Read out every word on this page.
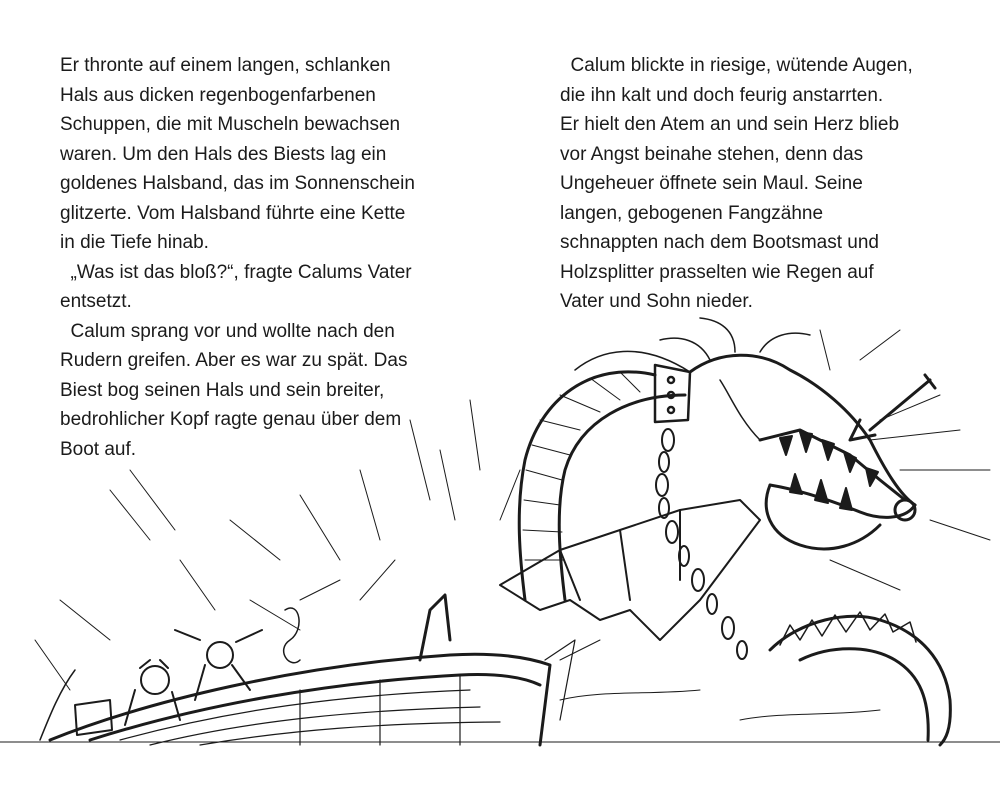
Er thronte auf einem langen, schlanken
Hals aus dicken regenbogenfarbenen
Schuppen, die mit Muscheln bewachsen
waren. Um den Hals des Biests lag ein
goldenes Halsband, das im Sonnenschein
glitzerte. Vom Halsband führte eine Kette
in die Tiefe hinab.
„Was ist das bloß?“, fragte Calums Vater
entsetzt.
Calum sprang vor und wollte nach den
Rudern greifen. Aber es war zu spät. Das
Biest bog seinen Hals und sein breiter,
bedrohlicher Kopf ragte genau über dem
Boot auf.
Calum blickte in riesige, wütende Augen,
die ihn kalt und doch feurig anstarrten.
Er hielt den Atem an und sein Herz blieb
vor Angst beinahe stehen, denn das
Ungeheuer öffnete sein Maul. Seine
langen, gebogenen Fangzähne
schnappten nach dem Bootsmast und
Holzsplitter prasselten wie Regen auf
Vater und Sohn nieder.
